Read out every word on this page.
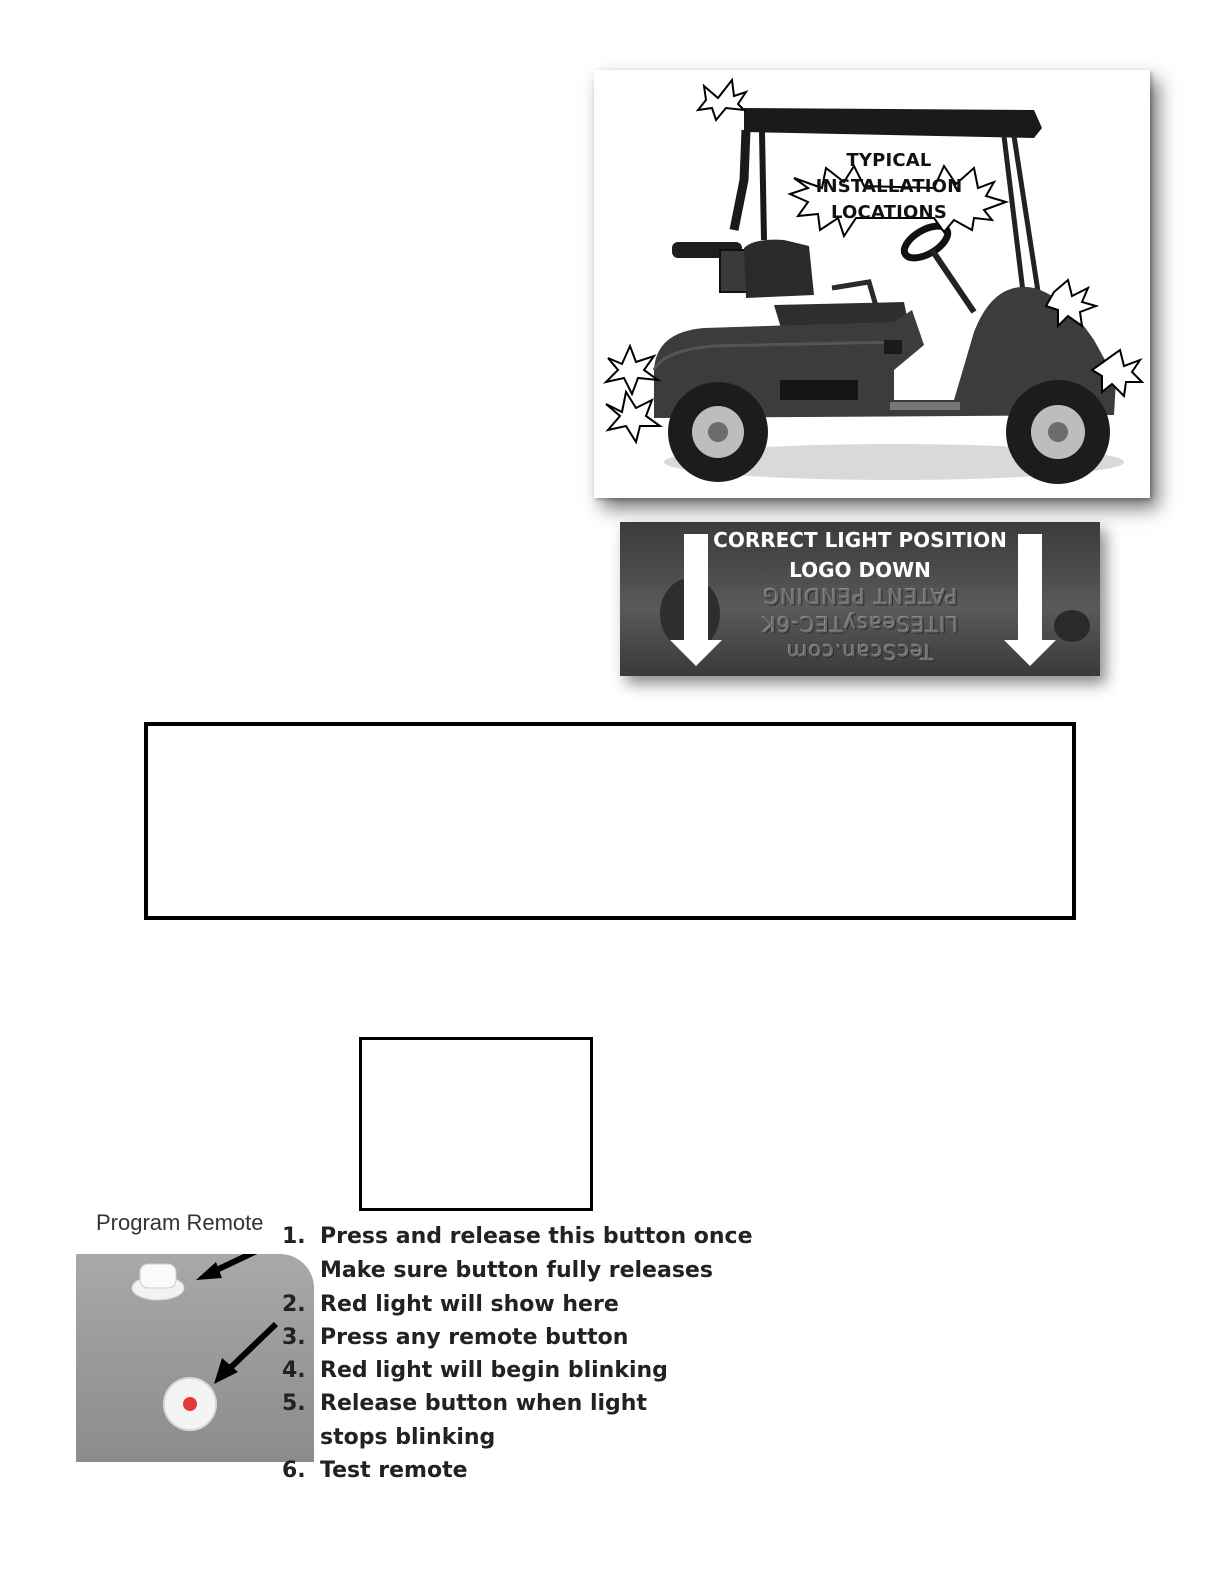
TYPICAL
INSTALLATION
LOCATIONS
CORRECT LIGHT POSITION
LOGO DOWN
PATENT PENDING
LITESeasyTEC-6K
TecScan.com
Program Remote
1. Press and release this button once
Make sure button fully releases
2. Red light will show here
3. Press any remote button
4. Red light will begin blinking
5. Release button when light
stops blinking
6. Test remote
